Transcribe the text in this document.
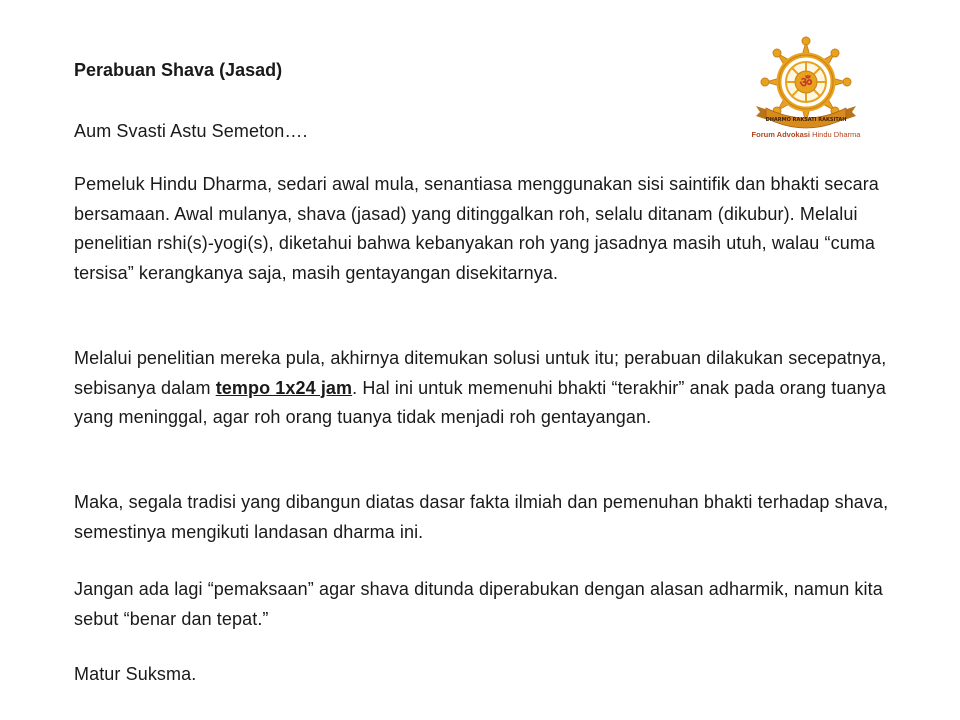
Perabuan Shava (Jasad)

ॐ
DHARMO RAKSATI RAKSITAH
Forum Advokasi Hindu Dharma

Aum Svasti Astu Semeton….

Pemeluk Hindu Dharma, sedari awal mula, senantiasa menggunakan sisi saintifik dan bhakti secara bersamaan. Awal mulanya, shava (jasad) yang ditinggalkan roh, selalu ditanam (dikubur). Melalui penelitian rshi(s)-yogi(s), diketahui bahwa kebanyakan roh yang jasadnya masih utuh, walau “cuma tersisa” kerangkanya saja, masih gentayangan disekitarnya.

Melalui penelitian mereka pula, akhirnya ditemukan solusi untuk itu; perabuan dilakukan secepatnya, sebisanya dalam tempo 1x24 jam. Hal ini untuk memenuhi bhakti “terakhir” anak pada orang tuanya yang meninggal, agar roh orang tuanya tidak menjadi roh gentayangan.

Maka, segala tradisi yang dibangun diatas dasar fakta ilmiah dan pemenuhan bhakti terhadap shava, semestinya mengikuti landasan dharma ini.

Jangan ada lagi “pemaksaan” agar shava ditunda diperabukan dengan alasan adharmik, namun kita sebut “benar dan tepat.”

Matur Suksma.
